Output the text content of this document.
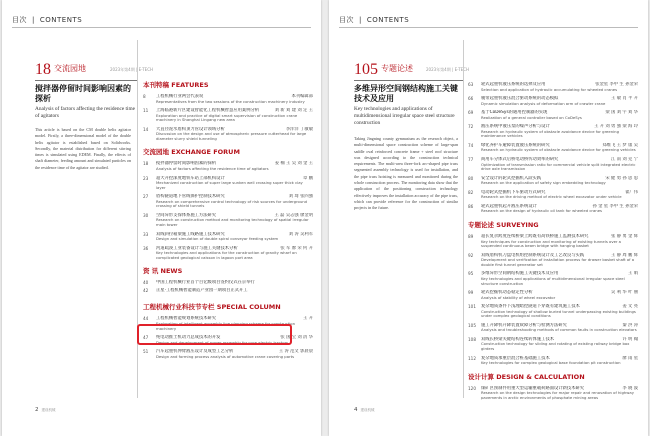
目次 | CONTENTS
18 交流园地	2023年第4期 | E-TECH
搅拌器停留时间影响因素的探析
Analysis of factors affecting the residence time of agitators
This article is based on the CM double helix agitator model. Firstly, a three-dimensional model of the double helix agitator is established based on Solidworks. Secondly, the material distribution for different stirring times is simulated using EDEM. Finally, the effects of shaft diameter, feeding amount and simulated particles on the residence time of the agitator are studied.
本刊特稿 FEATURES
8	本刊编辑部
工程机械行业两会代表说
Representatives from the two sessions of the construction machinery industry
11	刘 新 刘 建 刘 定 王
上海临港新片区建设智能化工程机械智慧应用案例分析
Exploration and practice of digital smart supervision of construction crane machinery in Shanghai Lingang new area
14	李洋洋 丁敏敏
大直径泥水盾构顶力管设计领域分析
Discussion on the design and use of atmospheric pressure cutterhead for large diameter slurry shield tunneling
交流园地 EXCHANGE FORUM
18	姜 楠 王 昊 刘 金 王
搅拌器停留时间影响因素的探析
Analysis of factors affecting the residence time of agitators
23	章 鹏
超大开挖深度地铁车站上部机构设计
Mechanized construction of super large sunken well crossing super thick clay layer
27	刘 琦 张四强
盾构隧道地下管线保护控制技术研究
Research on comprehensive control technology of risk sources for underground crossing of shield tunnels
30	王 磊 吴志强 廖金明
空间异形支撑体系施工方法研究
Research on construction method and monitoring technology of spatial irregular main tower
33	刘 涛 吴利军
双线斜拉箱梁施工线路施工技术研究
Design and simulation of double spiral conveyor feeding system
36	张 军 廖 荣 何 升
河道疏浚工业装备设计与施工关键技术分析
Key technologies and applications for the construction of gravity wharf on complicated geological caisson in lagoon port area
资 讯 NEWS
40 中国工程机械行业首个百亿级项目签约仪式在京举行
42 正星·工程机械智能制造产业园一期项目正式开工
工程机械行业科技节专栏 SPECIAL COLUMN
44	王 升
工程机械智能规划系统技术研究
Exploration of intelligent assembly line planning scheme for construction machinery
47	张 国 宝 刘 清 华
纯电动推土机动力总成技术的开发
Design and development of power assembly for pure electric tractors
51	王 涛 范文 郭晨晨
汽车起重机伸臂液压设计及成型工艺分析
Design and forming process analysis of automotive crane covering parts
2 建设机械
目次 | CONTENTS
105 专题论述	2023年第4期 | E-TECH
多维异形空间钢结构施工关键技术及应用
Key technologies and applications of multidimensional irregular space steel structure construction
Taking Jingning county gymnasium as the research object, a multi-dimensional space construction scheme of large-span saddle oval reinforced concrete frame + steel roof structure was designed according to the construction technical requirements. The multi-area three-fork arc-shaped pipe truss segmented assembly technology is used for installation, and the pipe truss hoisting is measured and monitored during the whole construction process. The monitoring data show that the application of the positioning construction technology effectively improves the installation accuracy of the pipe truss, which can provide reference for the construction of similar projects in the future.
63	张金星 李中 生 孙金荣
轮式起重机液压系统的选择及应用
Selection and application of hydraulic accumulating for wheeled cranes
66	王 敏 肖 平 升
履带起重机液压混合驱动系统的动态模拟
Dynamic simulation analysis of deformation arm of crawler crane
69	梁 国 刘 宇 刘 华
基于CoDeSys的通用控制器的实现
Realization of a general controller based on CoDeSys
72	王 升 刘 勇 强 梁 海 玲
液压系统中液压泵的噪声分析与设计
Research on hydraulic system of obstacle avoidance device for greening maintenance vehicles
74	郑维飞 王 梦 康 吴
绿化养护车避障装置液压系统的研究
Research on hydraulic system of obstacle avoidance device for greening vehicles
77	江 南 刘 克 宁
商用车分体式后桥电动桥传动效率的研究
Optimization of transmission ratio for commercial vehicle split integrated electric drive axle transmission
80	宋 健 勇 孙 思 思
安全设计的轮式挖掘机入段实践
Research on the application of safety sign embedding technology
82	翟广伟
电动轮式挖掘机下车驱动方式研究
Research on the driving method of electric wheel excavator under vehicle
86	孙 金 星 李中 生 孙金荣
轮式起重机起升液压系统设计
Research on the design of hydraulic oil tank for wheeled cranes
专题论述 SURVEYING
89	张 静 勇 金 辉
超长复杂跨度连续桥梁上跨既有高铁桥施工监测技术研究
Key techniques for construction and monitoring of existing tunnels over a suspended continuous beam bridge with hanging basket
92	王 静 周 鹏 辉
双线盾构机刀盘电机组控制系统设计及工艺改良与实践
Development and verification of installation process for drawer basket shaft of a double first tunnel generator set
95	王 娟
多维异形空间钢结构施工关键技术及应用
Key technologies and applications of multidimensional irregular space steel structure construction
99	吴 利 华 叶 丽
轮式挖掘机动态稳定性分析
Analysis of stability of wheel excavator
101	姜 文 亮
复杂地质条件下浅埋暗挖隧道下穿既有建筑施工技术
Construction technology of shallow buried tunnel underpassing existing buildings under complex geological conditions
105	秦 洪 涛
施工升降机升降装置故障分析与检测方法研究
Analysis and troubleshooting methods of common faults in construction elevators
108	许 明 翰
双线长桥梁关键结构连续转体施工技术
Construction technology for sliding and rotating of existing railway bridge box girders
112	廖 雨 星
复杂地质承重层混合桩基础施工技术
Key technologies for complex geological base foundation pit construction
设计计算 DESIGN & CALCULATION
120	李 晓 波
煤矿区预制件用重大型运输重载荷路面设计新技术研究
Research on the design technologies for major repair and renovation of highway pavements in arctic environments of phosphate mining areas
4 建设机械
